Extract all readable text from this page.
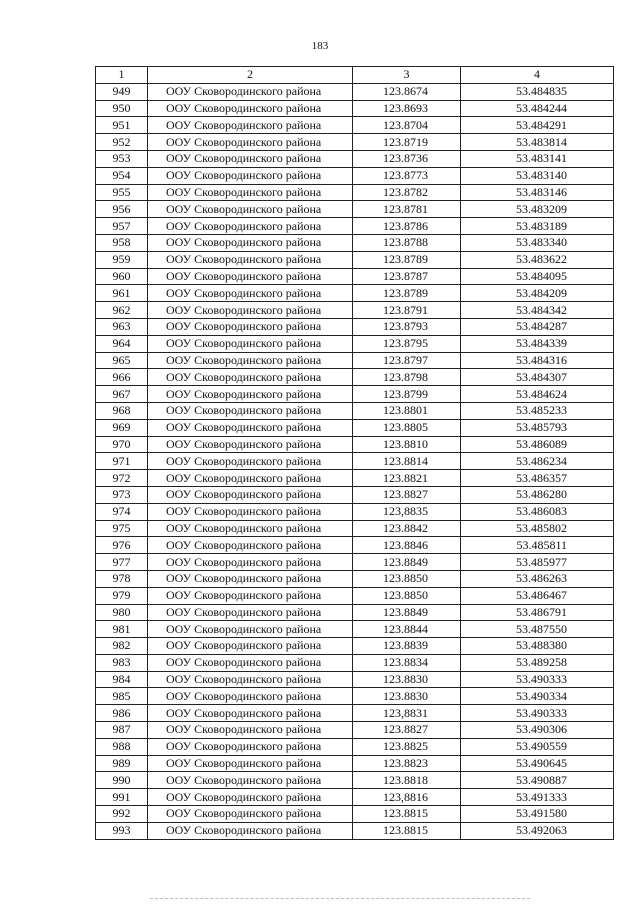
183
1	2	3	4
949	ООУ Сковородинского района	123.8674	53.484835
950	ООУ Сковородинского района	123.8693	53.484244
951	ООУ Сковородинского района	123.8704	53.484291
952	ООУ Сковородинского района	123.8719	53.483814
953	ООУ Сковородинского района	123.8736	53.483141
954	ООУ Сковородинского района	123.8773	53.483140
955	ООУ Сковородинского района	123.8782	53.483146
956	ООУ Сковородинского района	123.8781	53.483209
957	ООУ Сковородинского района	123.8786	53.483189
958	ООУ Сковородинского района	123.8788	53.483340
959	ООУ Сковородинского района	123.8789	53.483622
960	ООУ Сковородинского района	123.8787	53.484095
961	ООУ Сковородинского района	123.8789	53.484209
962	ООУ Сковородинского района	123.8791	53.484342
963	ООУ Сковородинского района	123.8793	53.484287
964	ООУ Сковородинского района	123.8795	53.484339
965	ООУ Сковородинского района	123.8797	53.484316
966	ООУ Сковородинского района	123.8798	53.484307
967	ООУ Сковородинского района	123.8799	53.484624
968	ООУ Сковородинского района	123.8801	53.485233
969	ООУ Сковородинского района	123.8805	53.485793
970	ООУ Сковородинского района	123.8810	53.486089
971	ООУ Сковородинского района	123.8814	53.486234
972	ООУ Сковородинского района	123.8821	53.486357
973	ООУ Сковородинского района	123.8827	53.486280
974	ООУ Сковородинского района	123,8835	53.486083
975	ООУ Сковородинского района	123.8842	53.485802
976	ООУ Сковородинского района	123.8846	53.485811
977	ООУ Сковородинского района	123.8849	53.485977
978	ООУ Сковородинского района	123.8850	53.486263
979	ООУ Сковородинского района	123.8850	53.486467
980	ООУ Сковородинского района	123.8849	53.486791
981	ООУ Сковородинского района	123.8844	53.487550
982	ООУ Сковородинского района	123.8839	53.488380
983	ООУ Сковородинского района	123.8834	53.489258
984	ООУ Сковородинского района	123.8830	53.490333
985	ООУ Сковородинского района	123.8830	53.490334
986	ООУ Сковородинского района	123,8831	53.490333
987	ООУ Сковородинского района	123.8827	53.490306
988	ООУ Сковородинского района	123.8825	53.490559
989	ООУ Сковородинского района	123.8823	53.490645
990	ООУ Сковородинского района	123.8818	53.490887
991	ООУ Сковородинского района	123,8816	53.491333
992	ООУ Сковородинского района	123.8815	53.491580
993	ООУ Сковородинского района	123.8815	53.492063
